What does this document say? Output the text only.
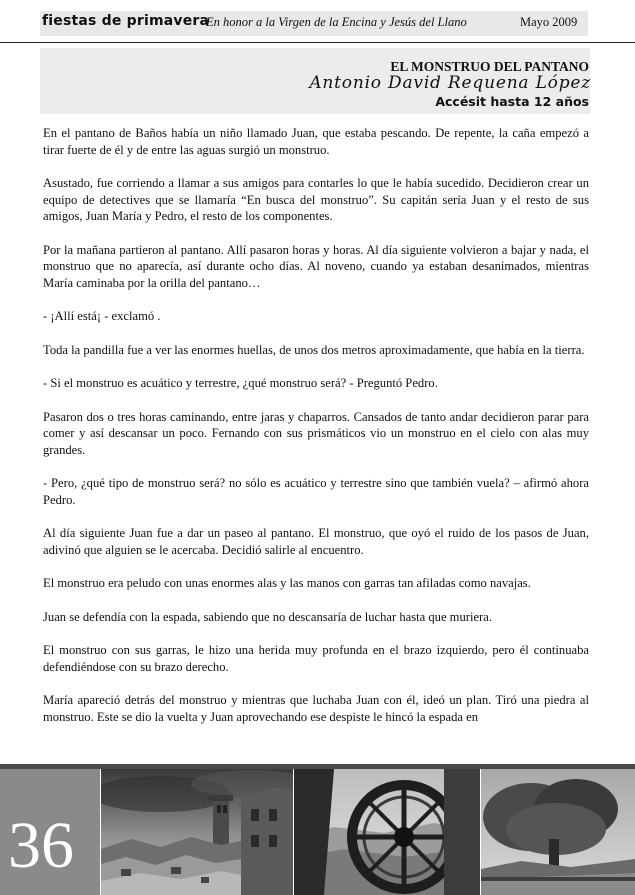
fiestas de primavera
En honor a la Virgen de la Encina y Jesús del Llano	Mayo 2009
EL MONSTRUO DEL PANTANO
Antonio David Requena López
Accésit hasta 12 años

En el pantano de Baños había un niño llamado Juan, que estaba pescando. De repente, la caña empezó a tirar fuerte de él y de entre las aguas surgió un monstruo.

Asustado, fue corriendo a llamar a sus amigos para contarles lo que le había sucedido. Decidieron crear un equipo de detectives que se llamaría “En busca del monstruo”. Su capitán sería Juan y el resto de sus amigos, Juan María y Pedro, el resto de los componentes.

Por la mañana partieron al pantano. Allí pasaron horas y horas. Al día siguiente volvieron a bajar y nada, el monstruo que no aparecía, así durante ocho días. Al noveno, cuando ya estaban desanimados, mientras María caminaba por la orilla del pantano…

- ¡Allí está¡ - exclamó .

Toda la pandilla fue a ver las enormes huellas, de unos dos metros aproximadamente, que había en la tierra.

- Si el monstruo es acuático y terrestre, ¿qué monstruo será? - Preguntó Pedro.

Pasaron dos o tres horas caminando, entre jaras y chaparros. Cansados de tanto andar decidieron parar para comer y así descansar un poco. Fernando con sus prismáticos vio un monstruo en el cielo con alas muy grandes.

- Pero, ¿qué tipo de monstruo será? no sólo es acuático y terrestre sino que también vuela? – afirmó ahora Pedro.

Al día siguiente Juan fue a dar un paseo al pantano. El monstruo, que oyó el ruido de los pasos de Juan, adivinó que alguien se le acercaba. Decidió salirle al encuentro.

El monstruo era peludo con unas enormes alas y las manos con garras tan afiladas como navajas.

Juan se defendía con la espada, sabiendo que no descansaría de luchar hasta que muriera.

El monstruo con sus garras, le hizo una herida muy profunda en el brazo izquierdo, pero él continuaba defendiéndose con su brazo derecho.

María apareció detrás del monstruo y mientras que luchaba Juan con él, ideó un plan. Tiró una piedra al monstruo. Este se dio la vuelta y Juan aprovechando ese despiste le hincó la espada en

36
